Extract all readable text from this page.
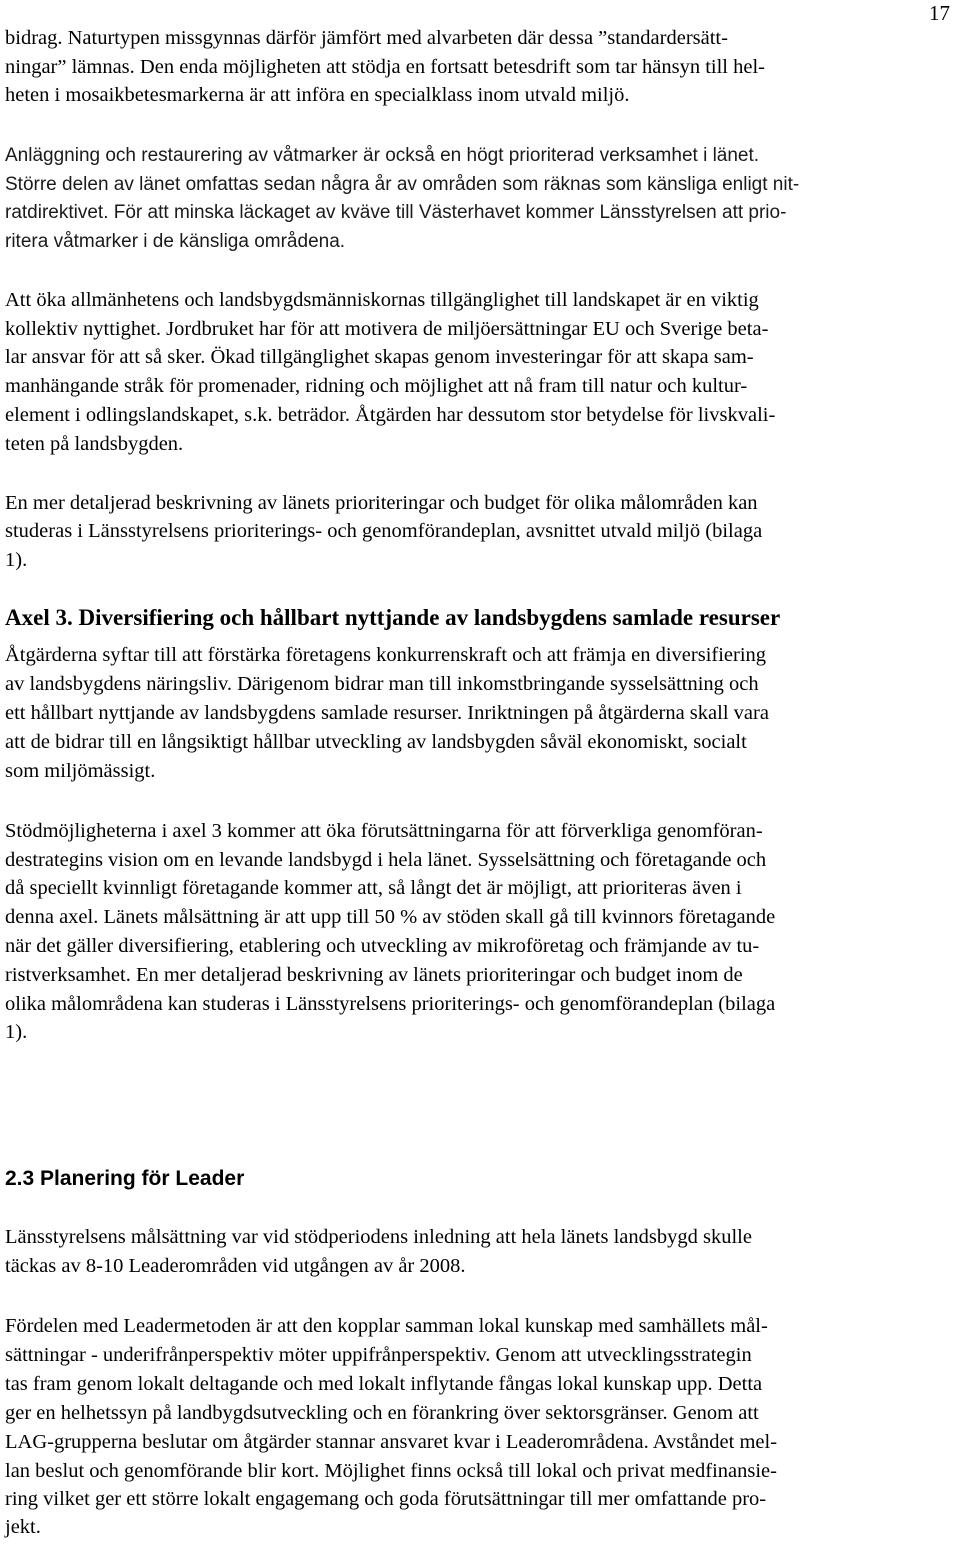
17
bidrag. Naturtypen missgynnas därför jämfört med alvarbeten där dessa ”standardersätt-
ningar” lämnas. Den enda möjligheten att stödja en fortsatt betesdrift som tar hänsyn till hel-
heten i mosaikbetesmarkerna är att införa en specialklass inom utvald miljö.
Anläggning och restaurering av våtmarker är också en högt prioriterad verksamhet i länet.
Större delen av länet omfattas sedan några år av områden som räknas som känsliga enligt nit-
ratdirektivet. För att minska läckaget av kväve till Västerhavet kommer Länsstyrelsen att prio-
ritera våtmarker i de känsliga områdena.
Att öka allmänhetens och landsbygdsmänniskornas tillgänglighet till landskapet är en viktig
kollektiv nyttighet. Jordbruket har för att motivera de miljöersättningar EU och Sverige beta-
lar ansvar för att så sker. Ökad tillgänglighet skapas genom investeringar för att skapa sam-
manhängande stråk för promenader, ridning och möjlighet att nå fram till natur och kultur-
element i odlingslandskapet, s.k. beträdor. Åtgärden har dessutom stor betydelse för livskvali-
teten på landsbygden.
En mer detaljerad beskrivning av länets prioriteringar och budget för olika målområden kan
studeras i Länsstyrelsens prioriterings- och genomförandeplan, avsnittet utvald miljö (bilaga
1).
Axel 3. Diversifiering och hållbart nyttjande av landsbygdens samlade resurser
Åtgärderna syftar till att förstärka företagens konkurrenskraft och att främja en diversifiering
av landsbygdens näringsliv. Därigenom bidrar man till inkomstbringande sysselsättning och
ett hållbart nyttjande av landsbygdens samlade resurser. Inriktningen på åtgärderna skall vara
att de bidrar till en långsiktigt hållbar utveckling av landsbygden såväl ekonomiskt, socialt
som miljömässigt.
Stödmöjligheterna i axel 3 kommer att öka förutsättningarna för att förverkliga genomföran-
destrategins vision om en levande landsbygd i hela länet. Sysselsättning och företagande och
då speciellt kvinnligt företagande kommer att, så långt det är möjligt, att prioriteras även i
denna axel. Länets målsättning är att upp till 50 % av stöden skall gå till kvinnors företagande
när det gäller diversifiering, etablering och utveckling av mikroföretag och främjande av tu-
ristverksamhet. En mer detaljerad beskrivning av länets prioriteringar och budget inom de
olika målområdena kan studeras i Länsstyrelsens prioriterings- och genomförandeplan (bilaga
1).
2.3 Planering för Leader
Länsstyrelsens målsättning var vid stödperiodens inledning att hela länets landsbygd skulle
täckas av 8-10 Leaderområden vid utgången av år 2008.
Fördelen med Leadermetoden är att den kopplar samman lokal kunskap med samhällets mål-
sättningar - underifrånperspektiv möter uppifrånperspektiv. Genom att utvecklingsstrategin
tas fram genom lokalt deltagande och med lokalt inflytande fångas lokal kunskap upp. Detta
ger en helhetssyn på landbygdsutveckling och en förankring över sektorsgränser. Genom att
LAG-grupperna beslutar om åtgärder stannar ansvaret kvar i Leaderområdena. Avståndet mel-
lan beslut och genomförande blir kort. Möjlighet finns också till lokal och privat medfinansie-
ring vilket ger ett större lokalt engagemang och goda förutsättningar till mer omfattande pro-
jekt.
